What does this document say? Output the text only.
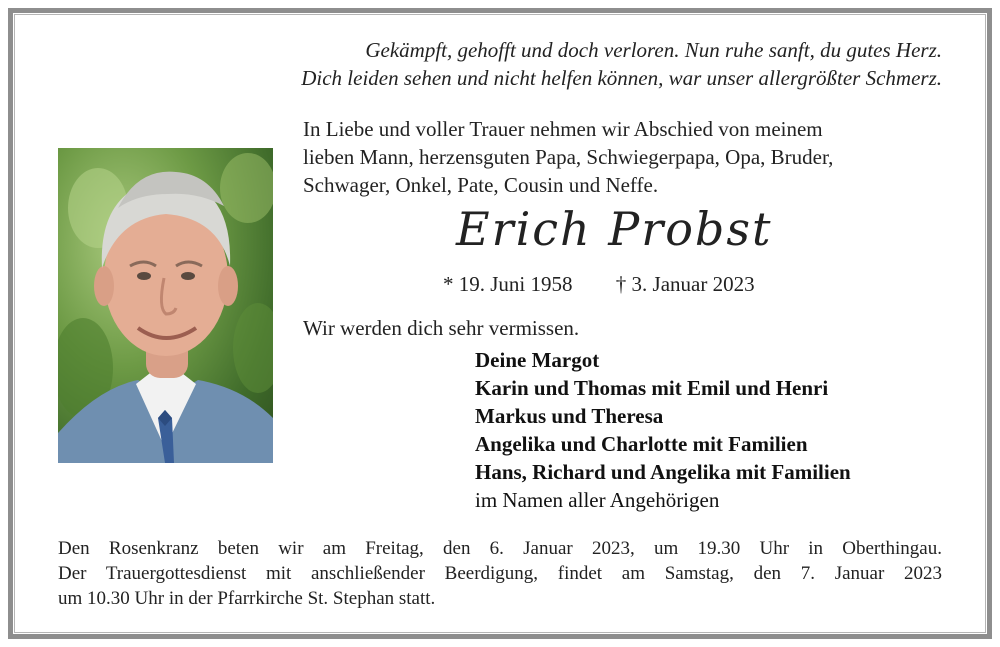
Gekämpft, gehofft und doch verloren. Nun ruhe sanft, du gutes Herz.
Dich leiden sehen und nicht helfen können, war unser allergrößter Schmerz.
In Liebe und voller Trauer nehmen wir Abschied von meinem
lieben Mann, herzensguten Papa, Schwiegerpapa, Opa, Bruder,
Schwager, Onkel, Pate, Cousin und Neffe.
Erich Probst
* 19. Juni 1958 † 3. Januar 2023
Wir werden dich sehr vermissen.
Deine Margot
Karin und Thomas mit Emil und Henri
Markus und Theresa
Angelika und Charlotte mit Familien
Hans, Richard und Angelika mit Familien
im Namen aller Angehörigen
Den Rosenkranz beten wir am Freitag, den 6. Januar 2023, um 19.30 Uhr in Oberthingau.
Der Trauergottesdienst mit anschließender Beerdigung, findet am Samstag, den 7. Januar 2023
um 10.30 Uhr in der Pfarrkirche St. Stephan statt.
